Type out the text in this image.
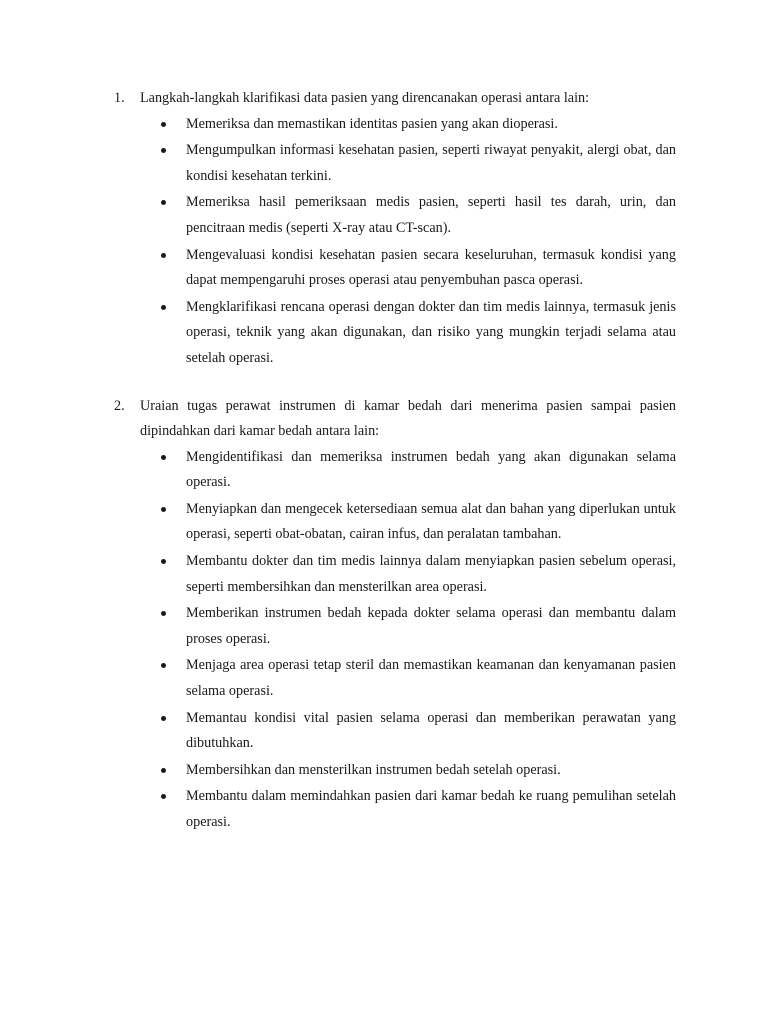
1.	Langkah-langkah klarifikasi data pasien yang direncanakan operasi antara lain:
Memeriksa dan memastikan identitas pasien yang akan dioperasi.
Mengumpulkan informasi kesehatan pasien, seperti riwayat penyakit, alergi obat, dan kondisi kesehatan terkini.
Memeriksa hasil pemeriksaan medis pasien, seperti hasil tes darah, urin, dan pencitraan medis (seperti X-ray atau CT-scan).
Mengevaluasi kondisi kesehatan pasien secara keseluruhan, termasuk kondisi yang dapat mempengaruhi proses operasi atau penyembuhan pasca operasi.
Mengklarifikasi rencana operasi dengan dokter dan tim medis lainnya, termasuk jenis operasi, teknik yang akan digunakan, dan risiko yang mungkin terjadi selama atau setelah operasi.
2.	Uraian tugas perawat instrumen di kamar bedah dari menerima pasien sampai pasien dipindahkan dari kamar bedah antara lain:
Mengidentifikasi dan memeriksa instrumen bedah yang akan digunakan selama operasi.
Menyiapkan dan mengecek ketersediaan semua alat dan bahan yang diperlukan untuk operasi, seperti obat-obatan, cairan infus, dan peralatan tambahan.
Membantu dokter dan tim medis lainnya dalam menyiapkan pasien sebelum operasi, seperti membersihkan dan mensterilkan area operasi.
Memberikan instrumen bedah kepada dokter selama operasi dan membantu dalam proses operasi.
Menjaga area operasi tetap steril dan memastikan keamanan dan kenyamanan pasien selama operasi.
Memantau kondisi vital pasien selama operasi dan memberikan perawatan yang dibutuhkan.
Membersihkan dan mensterilkan instrumen bedah setelah operasi.
Membantu dalam memindahkan pasien dari kamar bedah ke ruang pemulihan setelah operasi.
